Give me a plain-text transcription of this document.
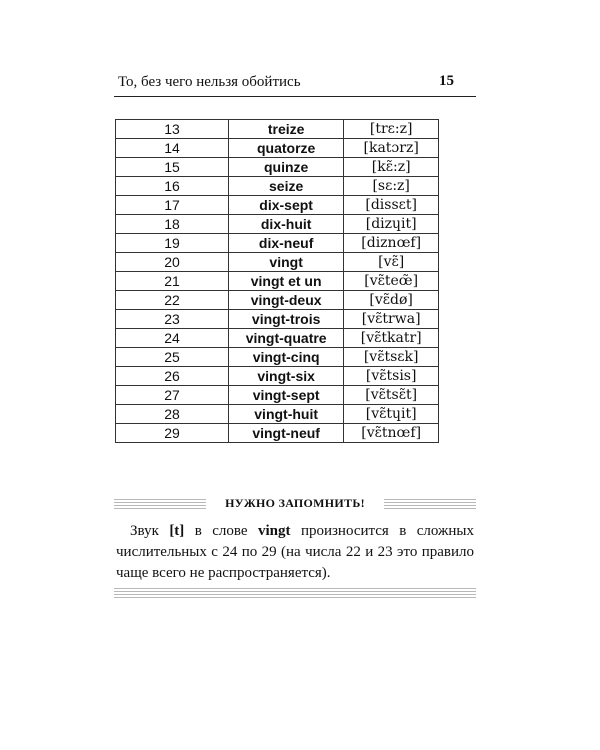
То, без чего нельзя обойтись	15
13	treize	[trɛ:z]
14	quatorze	[katɔrz]
15	quinze	[kɛ̃:z]
16	seize	[sɛ:z]
17	dix-sept	[dissɛt]
18	dix-huit	[dizɥit]
19	dix-neuf	[diznœf]
20	vingt	[vɛ̃]
21	vingt et un	[vɛ̃teœ̃]
22	vingt-deux	[vɛ̃dø]
23	vingt-trois	[vɛ̃trwa]
24	vingt-quatre	[vɛ̃tkatr]
25	vingt-cinq	[vɛ̃tsɛk]
26	vingt-six	[vɛ̃tsis]
27	vingt-sept	[vɛ̃tsɛ̃t]
28	vingt-huit	[vɛ̃tɥit]
29	vingt-neuf	[vɛ̃tnœf]
НУЖНО ЗАПОМНИТЬ!
Звук [t] в слове vingt произносится в сложных
числительных с 24 по 29 (на числа 22 и 23 это правило
чаще всего не распространяется).
